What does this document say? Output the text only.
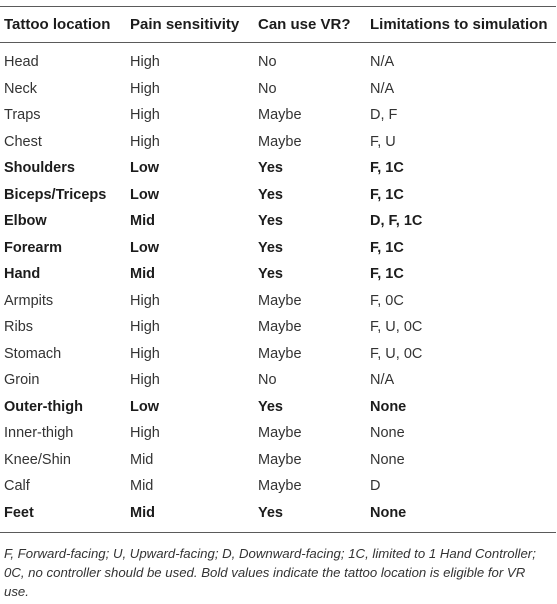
Tattoo location	Pain sensitivity	Can use VR?	Limitations to simulation
Head	High	No	N/A
Neck	High	No	N/A
Traps	High	Maybe	D, F
Chest	High	Maybe	F, U
Shoulders	Low	Yes	F, 1C
Biceps/Triceps	Low	Yes	F, 1C
Elbow	Mid	Yes	D, F, 1C
Forearm	Low	Yes	F, 1C
Hand	Mid	Yes	F, 1C
Armpits	High	Maybe	F, 0C
Ribs	High	Maybe	F, U, 0C
Stomach	High	Maybe	F, U, 0C
Groin	High	No	N/A
Outer-thigh	Low	Yes	None
Inner-thigh	High	Maybe	None
Knee/Shin	Mid	Maybe	None
Calf	Mid	Maybe	D
Feet	Mid	Yes	None
F, Forward-facing; U, Upward-facing; D, Downward-facing; 1C, limited to 1 Hand Controller; 0C, no controller should be used. Bold values indicate the tattoo location is eligible for VR use.
